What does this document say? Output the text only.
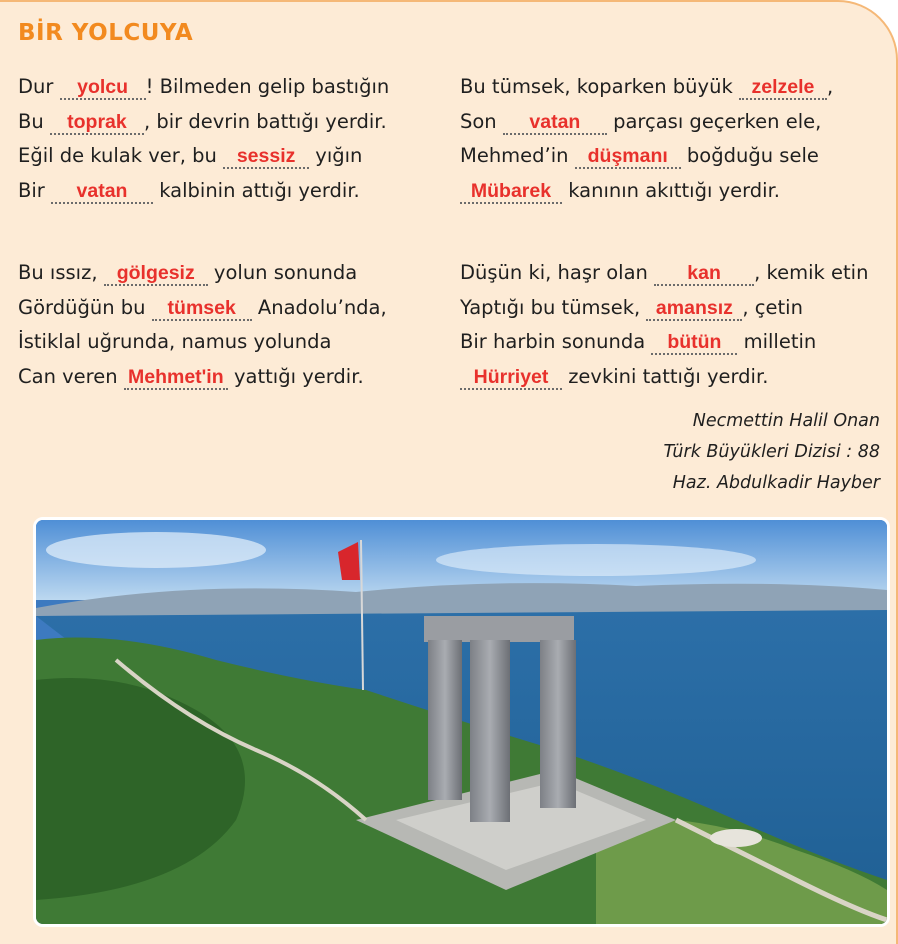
BİR YOLCUYA
Dur yolcu ! Bilmeden gelip bastığın
Bu toprak , bir devrin battığı yerdir.
Eğil de kulak ver, bu sessiz yığın
Bir vatan kalbinin attığı yerdir.
Bu tümsek, koparken büyük zelzele ,
Son vatan parçası geçerken ele,
Mehmed’in düşmanı boğduğu sele
Mübarek kanının akıttığı yerdir.
Bu ıssız, gölgesiz yolun sonunda
Gördüğün bu tümsek Anadolu’nda,
İstiklal uğrunda, namus yolunda
Can veren Mehmet'in yattığı yerdir.
Düşün ki, haşr olan kan , kemik etin
Yaptığı bu tümsek, amansız , çetin
Bir harbin sonunda bütün milletin
Hürriyet zevkini tattığı yerdir.
Necmettin Halil Onan
Türk Büyükleri Dizisi : 88
Haz. Abdulkadir Hayber
